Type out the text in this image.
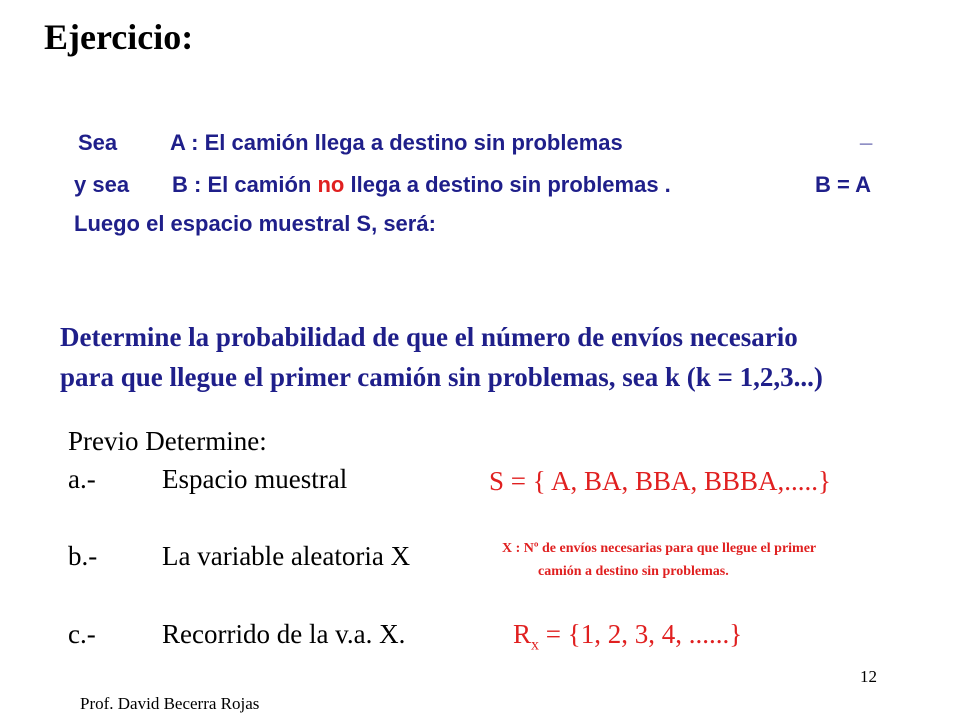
Ejercicio:
Sea A : El camión llega a destino sin problemas	_
y sea B : El camión no llega a destino sin problemas .	B = A
Luego el espacio muestral S, será:
Determine la probabilidad de que el número de envíos necesario
para que llegue el primer camión sin problemas, sea k (k = 1,2,3...)
Previo Determine:
a.- Espacio muestral
b.- La variable aleatoria X
c.- Recorrido de la v.a. X.
S = { A, BA, BBA, BBBA,.....}
X : Nº de envíos necesarias para que llegue el primer
camión a destino sin problemas.
$R_x = \{1$, 2, 3, 4, ......}
12
Prof. David Becerra Rojas
